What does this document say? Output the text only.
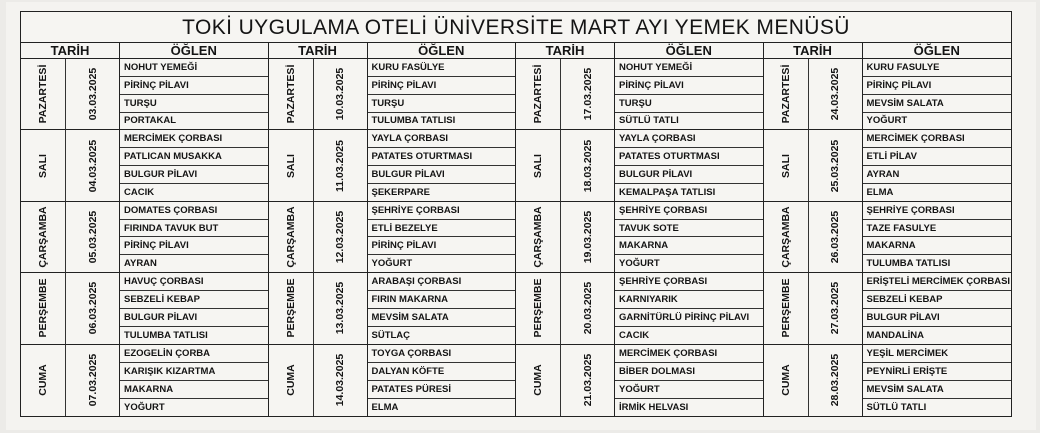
TOKİ UYGULAMA OTELİ ÜNİVERSİTE MART AYI YEMEK MENÜSÜ
TARİH	ÖĞLEN
PAZARTESİ	03.03.2025
NOHUT YEMEĞİ
PİRİNÇ PİLAVI
TURŞU
PORTAKAL
SALI	04.03.2025
MERCİMEK ÇORBASI
PATLICAN MUSAKKA
BULGUR PİLAVI
CACIK
ÇARŞAMBA	05.03.2025
DOMATES ÇORBASI
FIRINDA TAVUK BUT
PİRİNÇ PİLAVI
AYRAN
PERŞEMBE	06.03.2025
HAVUÇ ÇORBASI
SEBZELİ KEBAP
BULGUR PİLAVI
TULUMBA TATLISI
CUMA	07.03.2025
EZOGELİN ÇORBA
KARIŞIK KIZARTMA
MAKARNA
YOĞURT
TARİH	ÖĞLEN
PAZARTESİ	10.03.2025
KURU FASÜLYE
PİRİNÇ PİLAVI
TURŞU
TULUMBA TATLISI
SALI	11.03.2025
YAYLA ÇORBASI
PATATES OTURTMASI
BULGUR PİLAVI
ŞEKERPARE
ÇARŞAMBA	12.03.2025
ŞEHRİYE ÇORBASI
ETLİ BEZELYE
PİRİNÇ PİLAVI
YOĞURT
PERŞEMBE	13.03.2025
ARABAŞI ÇORBASI
FIRIN MAKARNA
MEVSİM SALATA
SÜTLAÇ
CUMA	14.03.2025
TOYGA ÇORBASI
DALYAN KÖFTE
PATATES PÜRESİ
ELMA
TARİH	ÖĞLEN
PAZARTESİ	17.03.2025
NOHUT YEMEĞİ
PİRİNÇ PİLAVI
TURŞU
SÜTLÜ TATLI
SALI	18.03.2025
YAYLA ÇORBASI
PATATES OTURTMASI
BULGUR PİLAVI
KEMALPAŞA TATLISI
ÇARŞAMBA	19.03.2025
ŞEHRİYE ÇORBASI
TAVUK SOTE
MAKARNA
YOĞURT
PERŞEMBE	20.03.2025
ŞEHRİYE ÇORBASI
KARNIYARIK
GARNİTÜRLÜ PİRİNÇ PİLAVI
CACIK
CUMA	21.03.2025
MERCİMEK ÇORBASI
BİBER DOLMASI
YOĞURT
İRMİK HELVASI
TARİH	ÖĞLEN
PAZARTESİ	24.03.2025
KURU FASULYE
PİRİNÇ PİLAVI
MEVSİM SALATA
YOĞURT
SALI	25.03.2025
MERCİMEK ÇORBASI
ETLİ PİLAV
AYRAN
ELMA
ÇARŞAMBA	26.03.2025
ŞEHRİYE ÇORBASI
TAZE FASULYE
MAKARNA
TULUMBA TATLISI
PERŞEMBE	27.03.2025
ERİŞTELİ MERCİMEK ÇORBASI
SEBZELİ KEBAP
BULGUR PİLAVI
MANDALİNA
CUMA	28.03.2025
YEŞİL MERCİMEK
PEYNİRLİ ERİŞTE
MEVSİM SALATA
SÜTLÜ TATLI
